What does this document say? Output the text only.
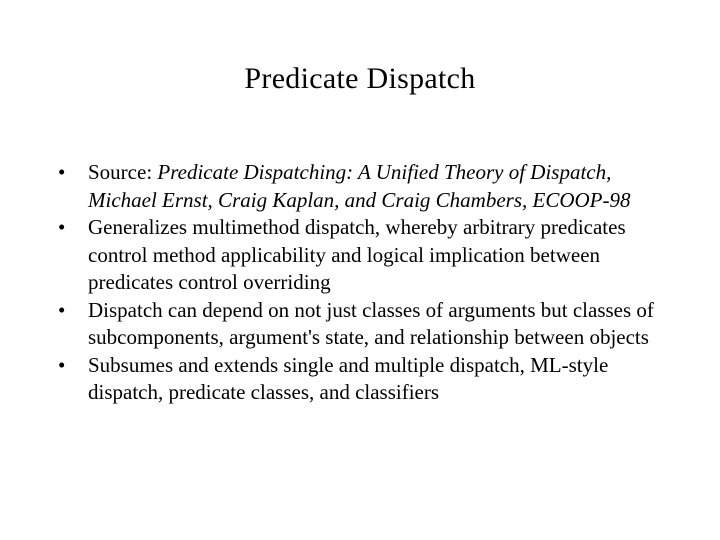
Predicate Dispatch
•	Source: Predicate Dispatching: A Unified Theory of Dispatch, Michael Ernst, Craig Kaplan, and Craig Chambers, ECOOP-98
•	Generalizes multimethod dispatch, whereby arbitrary predicates control method applicability and logical implication between predicates control overriding
•	Dispatch can depend on not just classes of arguments but classes of subcomponents, argument's state, and relationship between objects
•	Subsumes and extends single and multiple dispatch, ML-style dispatch, predicate classes, and classifiers
